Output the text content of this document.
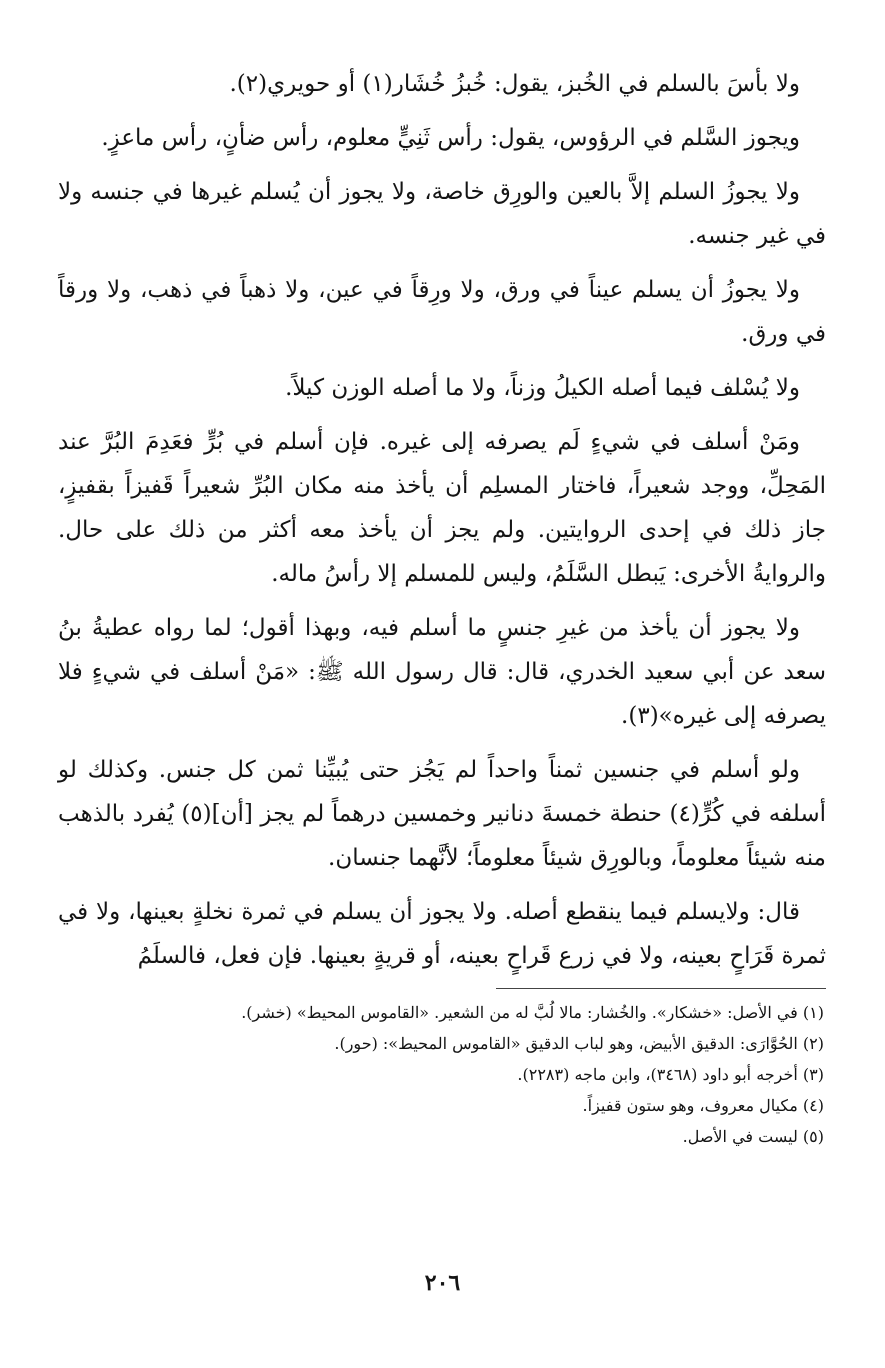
ولا بأسَ بالسلم في الخُبز، يقول: خُبزُ خُشَار(١) أو حويري(٢).

ويجوز السَّلم في الرؤوس، يقول: رأس ثَنِيٍّ معلوم، رأس ضأنٍ، رأس ماعزٍ.

ولا يجوزُ السلم إلاَّ بالعين والورِق خاصة، ولا يجوز أن يُسلم غيرها في جنسه ولا في غير جنسه.

ولا يجوزُ أن يسلم عيناً في ورق، ولا ورِقاً في عين، ولا ذهباً في ذهب، ولا ورقاً في ورق.

ولا يُسْلف فيما أصله الكيلُ وزناً، ولا ما أصله الوزن كيلاً.

ومَنْ أسلف في شيءٍ لَم يصرفه إلى غيره. فإن أسلم في بُرٍّ فعَدِمَ البُرَّ عند المَحِلِّ، ووجد شعيراً، فاختار المسلِم أن يأخذ منه مكان البُرِّ شعيراً قَفيزاً بقفيزٍ، جاز ذلك في إحدى الروايتين. ولم يجز أن يأخذ معه أكثر من ذلك على حال. والروايةُ الأخرى: يَبطل السَّلَمُ، وليس للمسلم إلا رأسُ ماله.

ولا يجوز أن يأخذ من غيرِ جنسٍ ما أسلم فيه، وبهذا أقول؛ لما رواه عطيةُ بنُ سعد عن أبي سعيد الخدري، قال: قال رسول الله ﷺ: «مَنْ أسلف في شيءٍ فلا يصرفه إلى غيره»(٣).

ولو أسلم في جنسين ثمناً واحداً لم يَجُز حتى يُبيِّنا ثمن كل جنس. وكذلك لو أسلفه في كُرٍّ(٤) حنطة خمسةَ دنانير وخمسين درهماً لم يجز [أن](٥) يُفرد بالذهب منه شيئاً معلوماً، وبالورِق شيئاً معلوماً؛ لأنَّهما جنسان.

قال: ولايسلم فيما ينقطع أصله. ولا يجوز أن يسلم في ثمرة نخلةٍ بعينها، ولا في ثمرة قَرَاحٍ بعينه، ولا في زرع قَراحٍ بعينه، أو قريةٍ بعينها. فإن فعل، فالسلَمُ

(١) في الأصل: «خشكار». والخُشار: مالا لُبَّ له من الشعير. «القاموس المحيط» (خشر).
(٢) الحُوَّارَى: الدقيق الأبيض، وهو لباب الدقيق «القاموس المحيط»: (حور).
(٣) أخرجه أبو داود (٣٤٦٨)، وابن ماجه (٢٢٨٣).
(٤) مكيال معروف، وهو ستون قفيزاً.
(٥) ليست في الأصل.
٢٠٦
